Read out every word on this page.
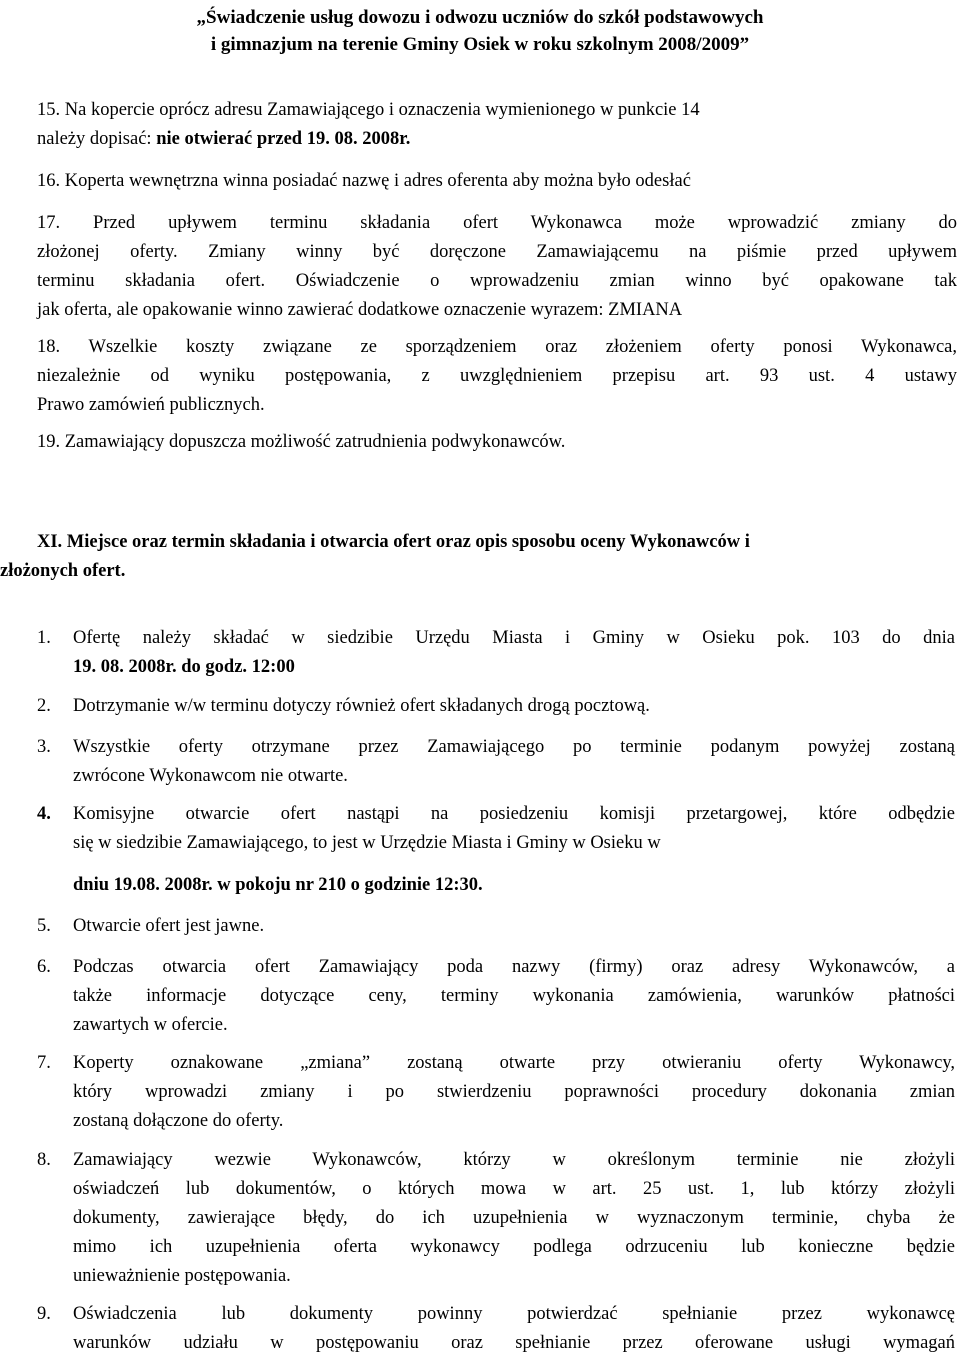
„Świadczenie usług dowozu i odwozu uczniów do szkół podstawowych
i gimnazjum na terenie Gminy Osiek w roku szkolnym 2008/2009”
15. Na kopercie oprócz adresu Zamawiającego i oznaczenia wymienionego w punkcie 14
należy dopisać: nie otwierać przed 19. 08. 2008r.
16. Koperta wewnętrzna winna posiadać nazwę i adres oferenta aby można było odesłać
17. Przed upływem terminu składania ofert Wykonawca może wprowadzić zmiany do
złożonej oferty. Zmiany winny być doręczone Zamawiającemu na piśmie przed upływem
terminu składania ofert. Oświadczenie o wprowadzeniu zmian winno być opakowane tak
jak oferta, ale opakowanie winno zawierać dodatkowe oznaczenie wyrazem: ZMIANA
18. Wszelkie koszty związane ze sporządzeniem oraz złożeniem oferty ponosi Wykonawca,
niezależnie od wyniku postępowania, z uwzględnieniem przepisu art. 93 ust. 4 ustawy
Prawo zamówień publicznych.
19. Zamawiający dopuszcza możliwość zatrudnienia podwykonawców.
XI. Miejsce oraz termin składania i otwarcia ofert oraz opis sposobu oceny Wykonawców i
złożonych ofert.
1. Ofertę należy składać w siedzibie Urzędu Miasta i Gminy w Osieku pok. 103 do dnia
19. 08. 2008r. do godz. 12:00
2. Dotrzymanie w/w terminu dotyczy również ofert składanych drogą pocztową.
3. Wszystkie oferty otrzymane przez Zamawiającego po terminie podanym powyżej zostaną
zwrócone Wykonawcom nie otwarte.
4. Komisyjne otwarcie ofert nastąpi na posiedzeniu komisji przetargowej, które odbędzie
się w siedzibie Zamawiającego, to jest w Urzędzie Miasta i Gminy w Osieku w
dniu 19.08. 2008r. w pokoju nr 210 o godzinie 12:30.
5. Otwarcie ofert jest jawne.
6. Podczas otwarcia ofert Zamawiający poda nazwy (firmy) oraz adresy Wykonawców, a
także informacje dotyczące ceny, terminy wykonania zamówienia, warunków płatności
zawartych w ofercie.
7. Koperty oznakowane „zmiana” zostaną otwarte przy otwieraniu oferty Wykonawcy,
który wprowadzi zmiany i po stwierdzeniu poprawności procedury dokonania zmian
zostaną dołączone do oferty.
8. Zamawiający wezwie Wykonawców, którzy w określonym terminie nie złożyli
oświadczeń lub dokumentów, o których mowa w art. 25 ust. 1, lub którzy złożyli
dokumenty, zawierające błędy, do ich uzupełnienia w wyznaczonym terminie, chyba że
mimo ich uzupełnienia oferta wykonawcy podlega odrzuceniu lub konieczne będzie
unieważnienie postępowania.
9. Oświadczenia lub dokumenty powinny potwierdzać spełnianie przez wykonawcę
warunków udziału w postępowaniu oraz spełnianie przez oferowane usługi wymagań
